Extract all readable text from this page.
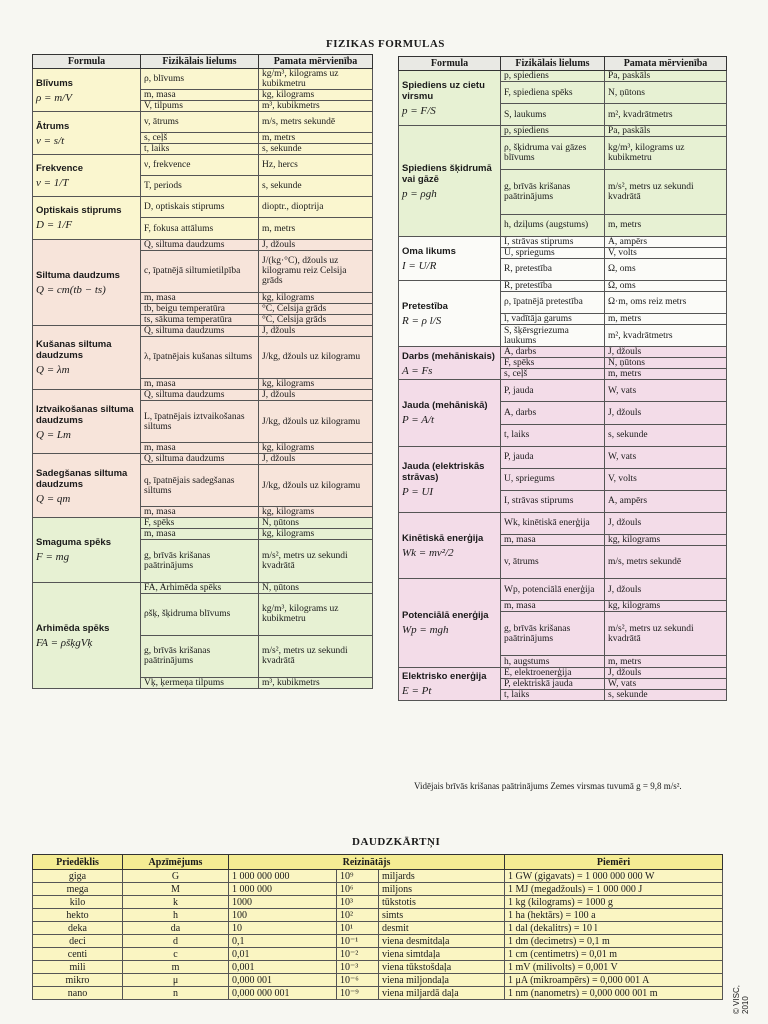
FIZIKAS FORMULAS
Formula	Fizikālais lielums	Pamata mērvienība

Blīvums
ρ = m/V	ρ, blīvums	kg/m³, kilograms uz kubikmetru
	m, masa	kg, kilograms
	V, tilpums	m³, kubikmetrs

Ātrums
v = s/t	v, ātrums	m/s, metrs sekundē
	s, ceļš	m, metrs
	t, laiks	s, sekunde

Frekvence
ν = 1/T	ν, frekvence	Hz, hercs
	T, periods	s, sekunde

Optiskais stiprums
D = 1/F	D, optiskais stiprums	dioptr., dioptrija
	F, fokusa attālums	m, metrs

Siltuma daudzums
Q = cm(tb − ts)	Q, siltuma daudzums	J, džouls
	c, īpatnējā siltumietilpība	J/(kg·°C), džouls uz kilogramu reiz Celsija grāds
	m, masa	kg, kilograms
	tb, beigu temperatūra	°C, Celsija grāds
	ts, sākuma temperatūra	°C, Celsija grāds

Kušanas siltuma daudzums
Q = λm	Q, siltuma daudzums	J, džouls
	λ, īpatnējais kušanas siltums	J/kg, džouls uz kilogramu
	m, masa	kg, kilograms

Iztvaikošanas siltuma daudzums
Q = Lm	Q, siltuma daudzums	J, džouls
	L, īpatnējais iztvaikošanas siltums	J/kg, džouls uz kilogramu
	m, masa	kg, kilograms

Sadegšanas siltuma daudzums
Q = qm	Q, siltuma daudzums	J, džouls
	q, īpatnējais sadegšanas siltums	J/kg, džouls uz kilogramu
	m, masa	kg, kilograms

Smaguma spēks
F = mg	F, spēks	N, ņūtons
	m, masa	kg, kilograms
	g, brīvās krišanas paātrinājums	m/s², metrs uz sekundi kvadrātā

Arhimēda spēks
FA = ρšķgVķ	FA, Arhimēda spēks	N, ņūtons
	ρšķ, šķidruma blīvums	kg/m³, kilograms uz kubikmetru
	g, brīvās krišanas paātrinājums	m/s², metrs uz sekundi kvadrātā
	Vķ, ķermeņa tilpums	m³, kubikmetrs
Formula	Fizikālais lielums	Pamata mērvienība

Spiediens uz cietu virsmu
p = F/S	p, spiediens	Pa, paskāls
	F, spiediena spēks	N, ņūtons
	S, laukums	m², kvadrātmetrs

Spiediens šķidrumā vai gāzē
p = ρgh	p, spiediens	Pa, paskāls
	ρ, šķidruma vai gāzes blīvums	kg/m³, kilograms uz kubikmetru
	g, brīvās krišanas paātrinājums	m/s², metrs uz sekundi kvadrātā
	h, dziļums (augstums)	m, metrs

Oma likums
I = U/R	I, strāvas stiprums	A, ampērs
	U, spriegums	V, volts
	R, pretestība	Ω, oms

Pretestība
R = ρ l/S	R, pretestība	Ω, oms
	ρ, īpatnējā pretestība	Ω·m, oms reiz metrs
	l, vadītāja garums	m, metrs
	S, šķērsgriezuma laukums	m², kvadrātmetrs

Darbs (mehāniskais)
A = Fs	A, darbs	J, džouls
	F, spēks	N, ņūtons
	s, ceļš	m, metrs

Jauda (mehāniskā)
P = A/t	P, jauda	W, vats
	A, darbs	J, džouls
	t, laiks	s, sekunde

Jauda (elektriskās strāvas)
P = UI	P, jauda	W, vats
	U, spriegums	V, volts
	I, strāvas stiprums	A, ampērs

Kinētiskā enerģija
Wk = mv²/2	Wk, kinētiskā enerģija	J, džouls
	m, masa	kg, kilograms
	v, ātrums	m/s, metrs sekundē

Potenciālā enerģija
Wp = mgh	Wp, potenciālā enerģija	J, džouls
	m, masa	kg, kilograms
	g, brīvās krišanas paātrinājums	m/s², metrs uz sekundi kvadrātā
	h, augstums	m, metrs

Elektrisko enerģija
E = Pt	E, elektroenerģija	J, džouls
	P, elektriskā jauda	W, vats
	t, laiks	s, sekunde
Vidējais brīvās krišanas paātrinājums Zemes virsmas tuvumā g = 9,8 m/s².
DAUDZKĀRTŅI
Priedēklis	Apzīmējums	Reizinātājs			Piemēri
giga	G	1 000 000 000	10⁹	miljards	1 GW (gigavats) = 1 000 000 000 W
mega	M	1 000 000	10⁶	miljons	1 MJ (megadžouls) = 1 000 000 J
kilo	k	1000	10³	tūkstotis	1 kg (kilograms) = 1000 g
hekto	h	100	10²	simts	1 ha (hektārs) = 100 a
deka	da	10	10¹	desmit	1 dal (dekalitrs) = 10 l
deci	d	0,1	10⁻¹	viena desmitdaļa	1 dm (decimetrs) = 0,1 m
centi	c	0,01	10⁻²	viena simtdaļa	1 cm (centimetrs) = 0,01 m
mili	m	0,001	10⁻³	viena tūkstošdaļa	1 mV (milivolts) = 0,001 V
mikro	μ	0,000 001	10⁻⁶	viena miljondaļa	1 μA (mikroampērs) = 0,000 001 A
nano	n	0,000 000 001	10⁻⁹	viena miljardā daļa	1 nm (nanometrs) = 0,000 000 001 m	© VISC, 2010
